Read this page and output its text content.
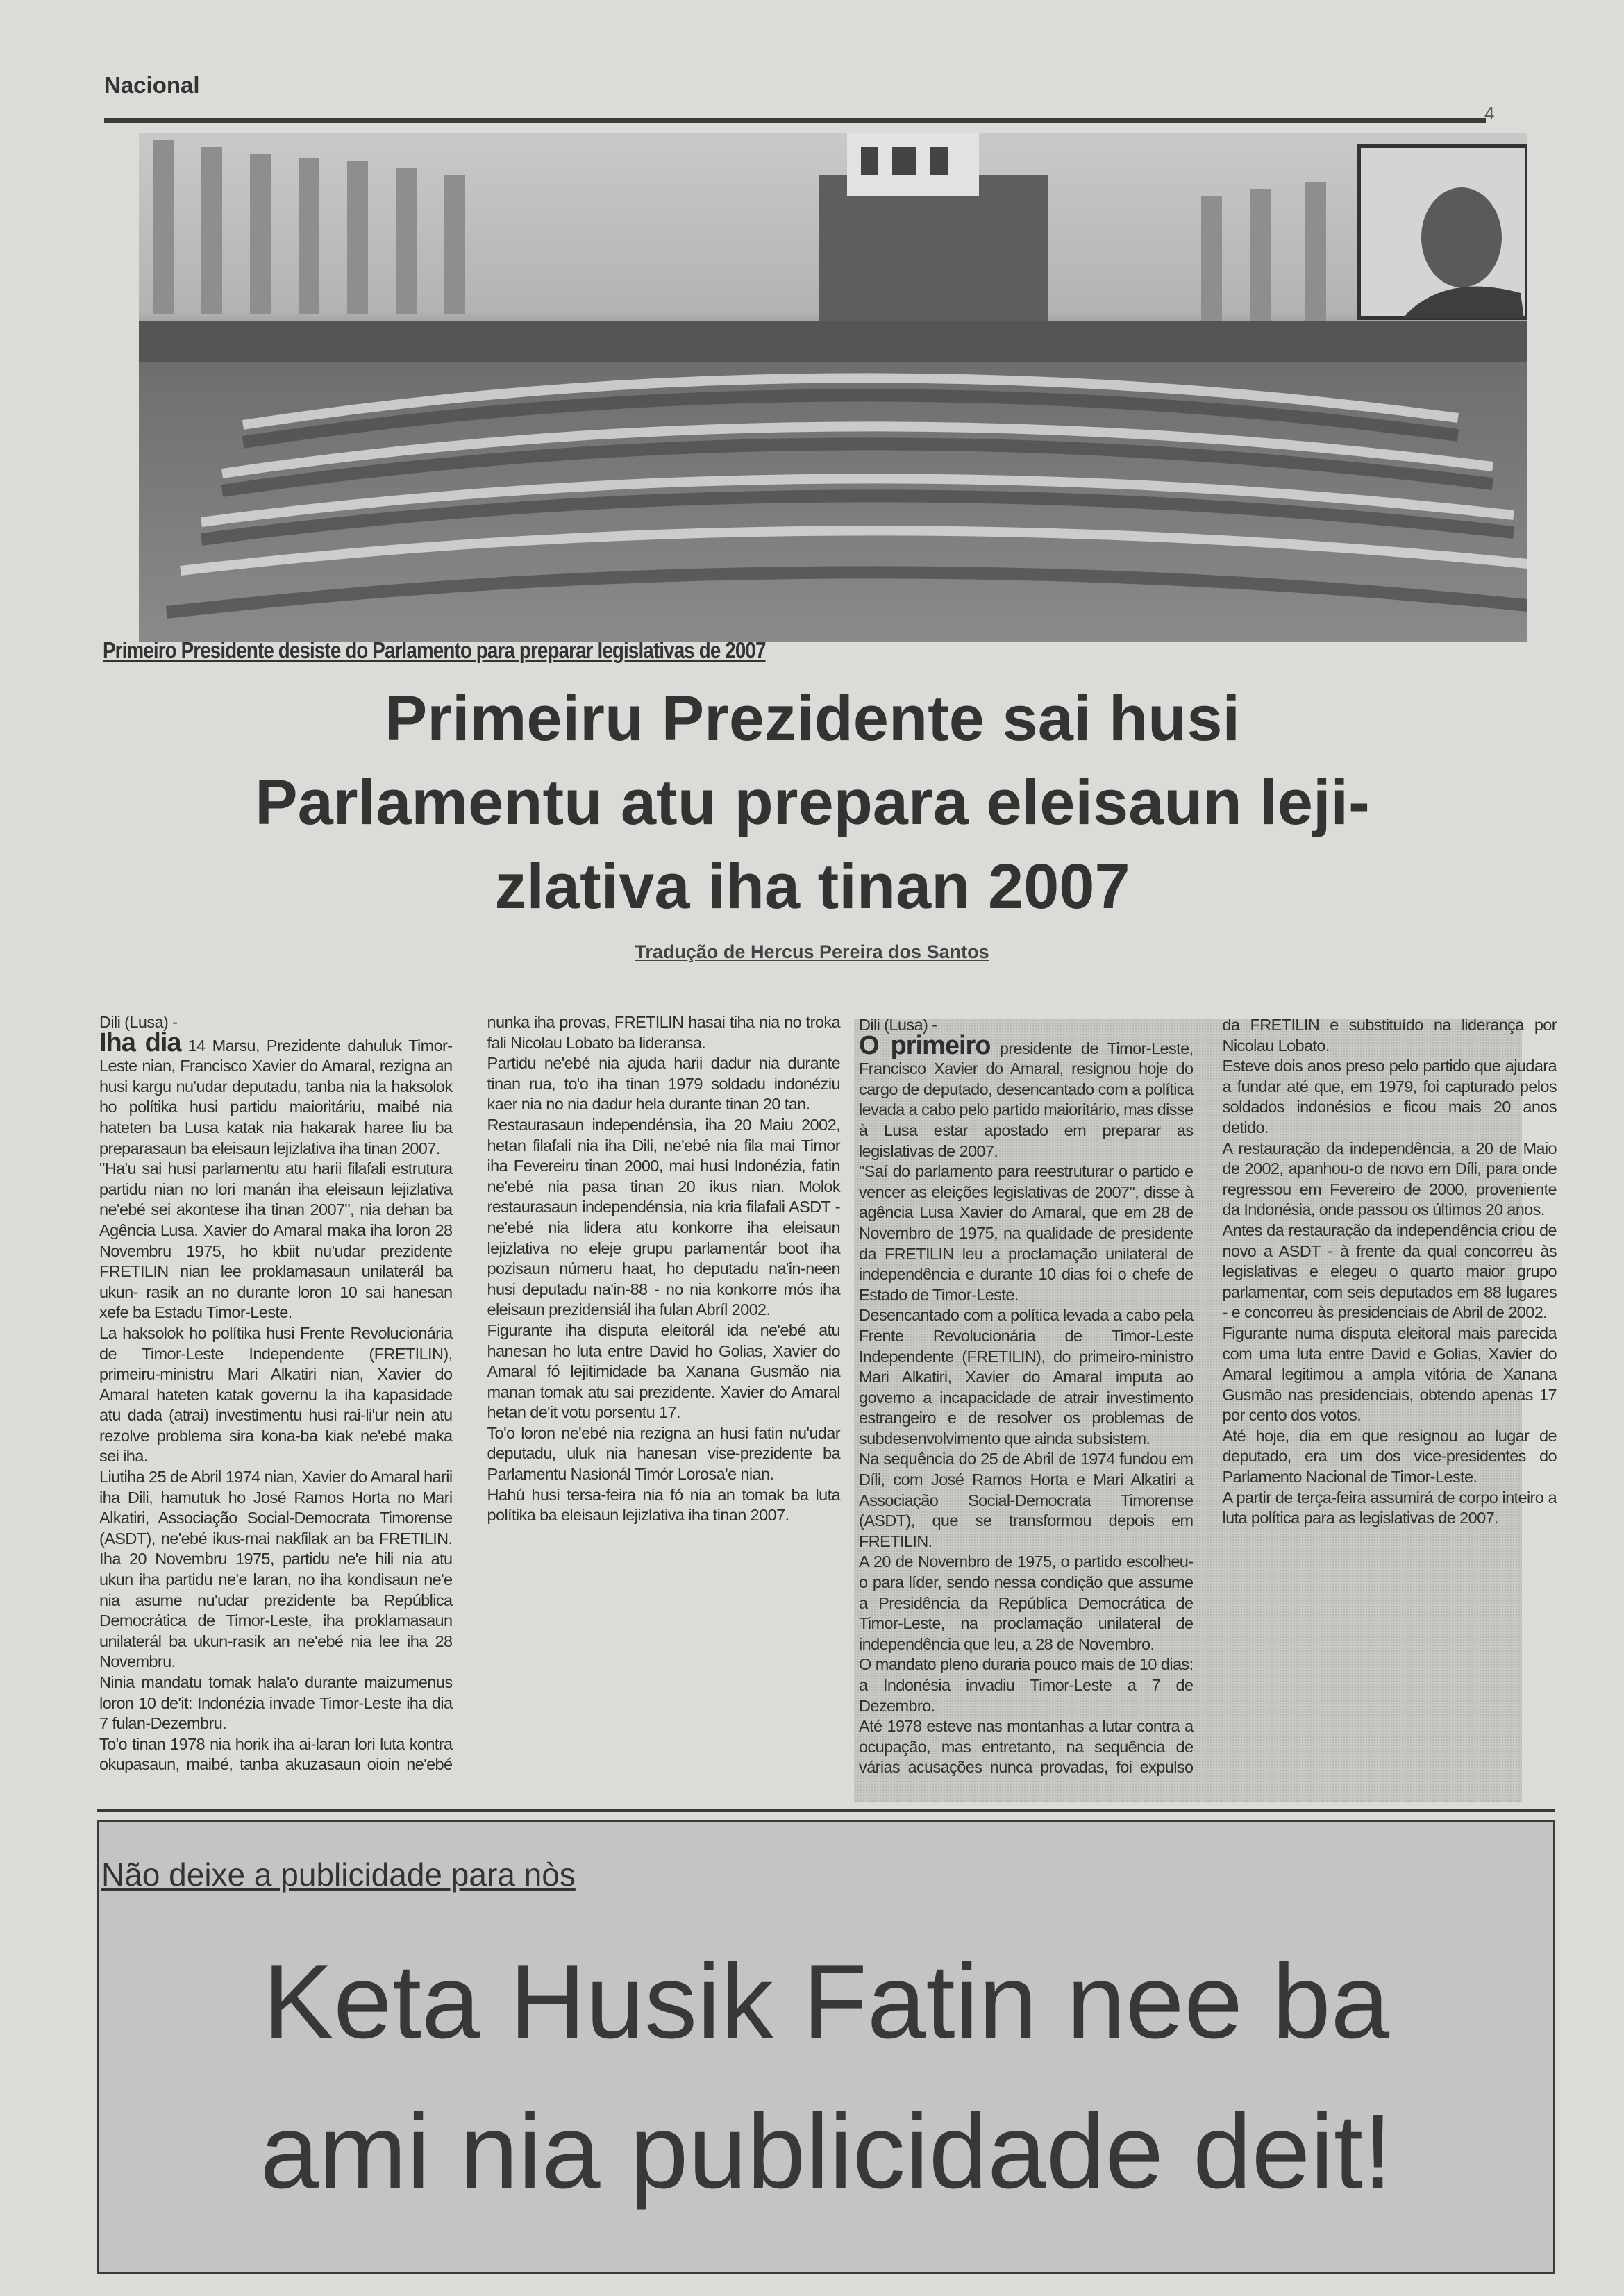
Nacional
4
Primeiro Presidente desiste do Parlamento para preparar legislativas de 2007
Primeiru Prezidente sai husi
Parlamentu atu prepara eleisaun leji-
zlativa iha tinan 2007
Tradução de Hercus Pereira dos Santos

Dili (Lusa) -

Iha dia 14 Marsu, Prezidente dahuluk Timor-Leste nian, Francisco Xavier do Amaral, rezigna an husi kargu nu'udar deputadu, tanba nia la haksolok ho polítika husi partidu maioritáriu, maibé nia hateten ba Lusa katak nia hakarak haree liu ba preparasaun ba eleisaun lejizlativa iha tinan 2007.

"Ha'u sai husi parlamentu atu harii filafali estrutura partidu nian no lori manán iha eleisaun lejizlativa ne'ebé sei akontese iha tinan 2007", nia dehan ba Agência Lusa. Xavier do Amaral maka iha loron 28 Novembru 1975, ho kbiit nu'udar prezidente FRETILIN nian lee proklamasaun unilaterál ba ukun- rasik an no durante loron 10 sai hanesan xefe ba Estadu Timor-Leste.

La haksolok ho polítika husi Frente Revolucionária de Timor-Leste Independente (FRETILIN), primeiru-ministru Mari Alkatiri nian, Xavier do Amaral hateten katak governu la iha kapasidade atu dada (atrai) investimentu husi rai-li'ur nein atu rezolve problema sira kona-ba kiak ne'ebé maka sei iha.

Liutiha 25 de Abril 1974 nian, Xavier do Amaral harii iha Dili, hamutuk ho José Ramos Horta no Mari Alkatiri, Associação Social-Democrata Timorense (ASDT), ne'ebé ikus-mai nakfilak an ba FRETILIN. Iha 20 Novembru 1975, partidu ne'e hili nia atu ukun iha partidu ne'e laran, no iha kondisaun ne'e nia asume nu'udar prezidente ba República Democrática de Timor-Leste, iha proklamasaun unilaterál ba ukun-rasik an ne'ebé nia lee iha 28 Novembru.

Ninia mandatu tomak hala'o durante maizumenus loron 10 de'it: Indonézia invade Timor-Leste iha dia 7 fulan-Dezembru.

To'o tinan 1978 nia horik iha ai-laran lori luta kontra okupasaun, maibé, tanba akuzasaun oioin ne'ebé nunka iha provas, FRETILIN hasai tiha nia no troka fali Nicolau Lobato ba lideransa.

Partidu ne'ebé nia ajuda harii dadur nia durante tinan rua, to'o iha tinan 1979 soldadu indonéziu kaer nia no nia dadur hela durante tinan 20 tan.

Restaurasaun independénsia, iha 20 Maiu 2002, hetan filafali nia iha Dili, ne'ebé nia fila mai Timor iha Fevereiru tinan 2000, mai husi Indonézia, fatin ne'ebé nia pasa tinan 20 ikus nian. Molok restaurasaun independénsia, nia kria filafali ASDT - ne'ebé nia lidera atu konkorre iha eleisaun lejizlativa no eleje grupu parlamentár boot iha pozisaun númeru haat, ho deputadu na'in-neen husi deputadu na'in-88 - no nia konkorre mós iha eleisaun prezidensiál iha fulan Abríl 2002.

Figurante iha disputa eleitorál ida ne'ebé atu hanesan ho luta entre David ho Golias, Xavier do Amaral fó lejitimidade ba Xanana Gusmão nia manan tomak atu sai prezidente. Xavier do Amaral hetan de'it votu porsentu 17.

To'o loron ne'ebé nia rezigna an husi fatin nu'udar deputadu, uluk nia hanesan vise-prezidente ba Parlamentu Nasionál Timór Lorosa'e nian.

Hahú husi tersa-feira nia fó nia an tomak ba luta polítika ba eleisaun lejizlativa iha tinan 2007.

Dili (Lusa) -

O primeiro presidente de Timor-Leste, Francisco Xavier do Amaral, resignou hoje do cargo de deputado, desencantado com a política levada a cabo pelo partido maioritário, mas disse à Lusa estar apostado em preparar as legislativas de 2007.

"Saí do parlamento para reestruturar o partido e vencer as eleições legislativas de 2007", disse à agência Lusa Xavier do Amaral, que em 28 de Novembro de 1975, na qualidade de presidente da FRETILIN leu a proclamação unilateral de independência e durante 10 dias foi o chefe de Estado de Timor-Leste.

Desencantado com a política levada a cabo pela Frente Revolucionária de Timor-Leste Independente (FRETILIN), do primeiro-ministro Mari Alkatiri, Xavier do Amaral imputa ao governo a incapacidade de atrair investimento estrangeiro e de resolver os problemas de subdesenvolvimento que ainda subsistem.

Na sequência do 25 de Abril de 1974 fundou em Díli, com José Ramos Horta e Mari Alkatiri a Associação Social-Democrata Timorense (ASDT), que se transformou depois em FRETILIN.

A 20 de Novembro de 1975, o partido escolheu-o para líder, sendo nessa condição que assume a Presidência da República Democrática de Timor-Leste, na proclamação unilateral de independência que leu, a 28 de Novembro.

O mandato pleno duraria pouco mais de 10 dias: a Indonésia invadiu Timor-Leste a 7 de Dezembro.

Até 1978 esteve nas montanhas a lutar contra a ocupação, mas entretanto, na sequência de várias acusações nunca provadas, foi expulso da FRETILIN e substituído na liderança por Nicolau Lobato.

Esteve dois anos preso pelo partido que ajudara a fundar até que, em 1979, foi capturado pelos soldados indonésios e ficou mais 20 anos detido.

A restauração da independência, a 20 de Maio de 2002, apanhou-o de novo em Díli, para onde regressou em Fevereiro de 2000, proveniente da Indonésia, onde passou os últimos 20 anos.

Antes da restauração da independência criou de novo a ASDT - à frente da qual concorreu às legislativas e elegeu o quarto maior grupo parlamentar, com seis deputados em 88 lugares - e concorreu às presidenciais de Abril de 2002.

Figurante numa disputa eleitoral mais parecida com uma luta entre David e Golias, Xavier do Amaral legitimou a ampla vitória de Xanana Gusmão nas presidenciais, obtendo apenas 17 por cento dos votos.

Até hoje, dia em que resignou ao lugar de deputado, era um dos vice-presidentes do Parlamento Nacional de Timor-Leste.

A partir de terça-feira assumirá de corpo inteiro a luta política para as legislativas de 2007.

Não deixe a publicidade para nòs
Keta Husik Fatin nee ba
ami nia publicidade deit!
